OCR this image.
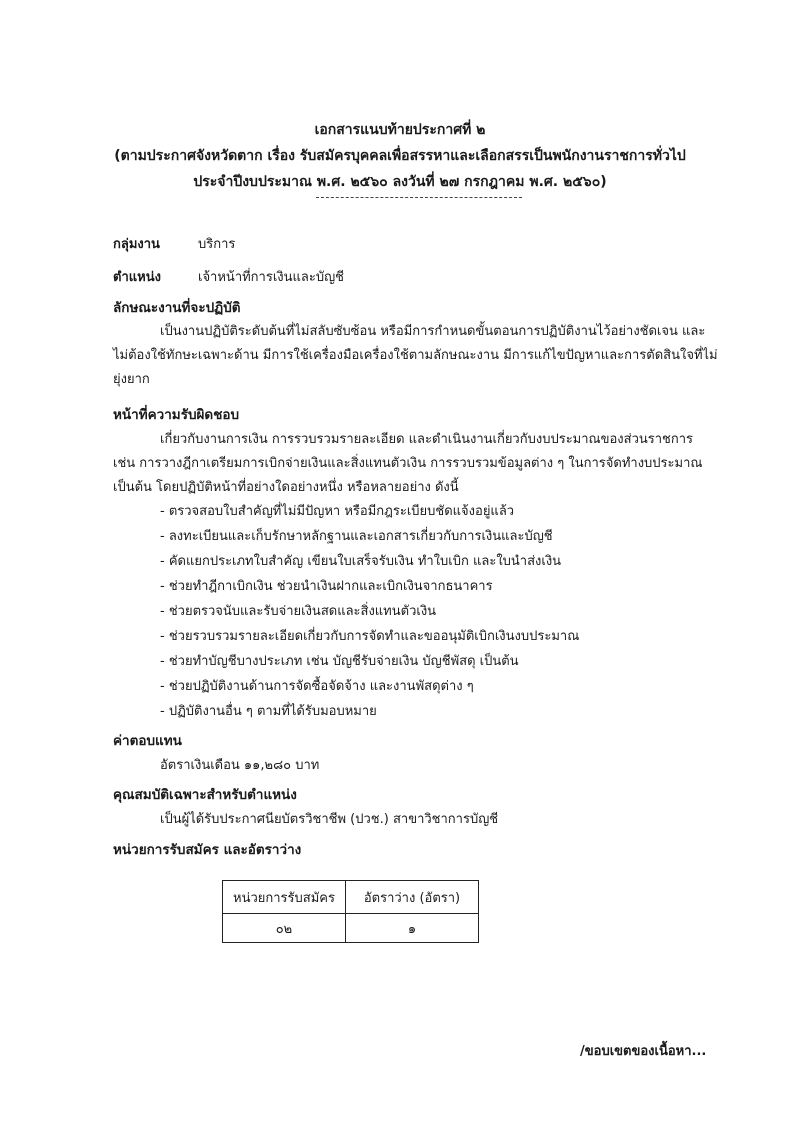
เอกสารแนบท้ายประกาศที่ ๒
(ตามประกาศจังหวัดตาก เรื่อง รับสมัครบุคคลเพื่อสรรหาและเลือกสรรเป็นพนักงานราชการทั่วไป
ประจำปีงบประมาณ พ.ศ. ๒๕๖๐ ลงวันที่ ๒๗ กรกฎาคม พ.ศ. ๒๕๖๐)
กลุ่มงาน	บริการ
ตำแหน่ง	เจ้าหน้าที่การเงินและบัญชี
ลักษณะงานที่จะปฏิบัติ
เป็นงานปฏิบัติระดับต้นที่ไม่สลับซับซ้อน หรือมีการกำหนดขั้นตอนการปฏิบัติงานไว้อย่างชัดเจน และ
ไม่ต้องใช้ทักษะเฉพาะด้าน มีการใช้เครื่องมือเครื่องใช้ตามลักษณะงาน มีการแก้ไขปัญหาและการตัดสินใจที่ไม่
ยุ่งยาก
หน้าที่ความรับผิดชอบ
เกี่ยวกับงานการเงิน การรวบรวมรายละเอียด และดำเนินงานเกี่ยวกับงบประมาณของส่วนราชการ
เช่น การวางฎีกาเตรียมการเบิกจ่ายเงินและสิ่งแทนตัวเงิน การรวบรวมข้อมูลต่าง ๆ ในการจัดทำงบประมาณ
เป็นต้น โดยปฏิบัติหน้าที่อย่างใดอย่างหนึ่ง หรือหลายอย่าง ดังนี้
- ตรวจสอบใบสำคัญที่ไม่มีปัญหา หรือมีกฎระเบียบชัดแจ้งอยู่แล้ว
- ลงทะเบียนและเก็บรักษาหลักฐานและเอกสารเกี่ยวกับการเงินและบัญชี
- คัดแยกประเภทใบสำคัญ เขียนใบเสร็จรับเงิน ทำใบเบิก และใบนำส่งเงิน
- ช่วยทำฎีกาเบิกเงิน ช่วยนำเงินฝากและเบิกเงินจากธนาคาร
- ช่วยตรวจนับและรับจ่ายเงินสดและสิ่งแทนตัวเงิน
- ช่วยรวบรวมรายละเอียดเกี่ยวกับการจัดทำและขออนุมัติเบิกเงินงบประมาณ
- ช่วยทำบัญชีบางประเภท เช่น บัญชีรับจ่ายเงิน บัญชีพัสดุ เป็นต้น
- ช่วยปฏิบัติงานด้านการจัดซื้อจัดจ้าง และงานพัสดุต่าง ๆ
- ปฏิบัติงานอื่น ๆ ตามที่ได้รับมอบหมาย
ค่าตอบแทน
อัตราเงินเดือน ๑๑,๒๘๐ บาท
คุณสมบัติเฉพาะสำหรับตำแหน่ง
เป็นผู้ได้รับประกาศนียบัตรวิชาชีพ (ปวช.) สาขาวิชาการบัญชี
หน่วยการรับสมัคร และอัตราว่าง
หน่วยการรับสมัคร	อัตราว่าง (อัตรา)
๐๒	๑
/ขอบเขตของเนื้อหา...
